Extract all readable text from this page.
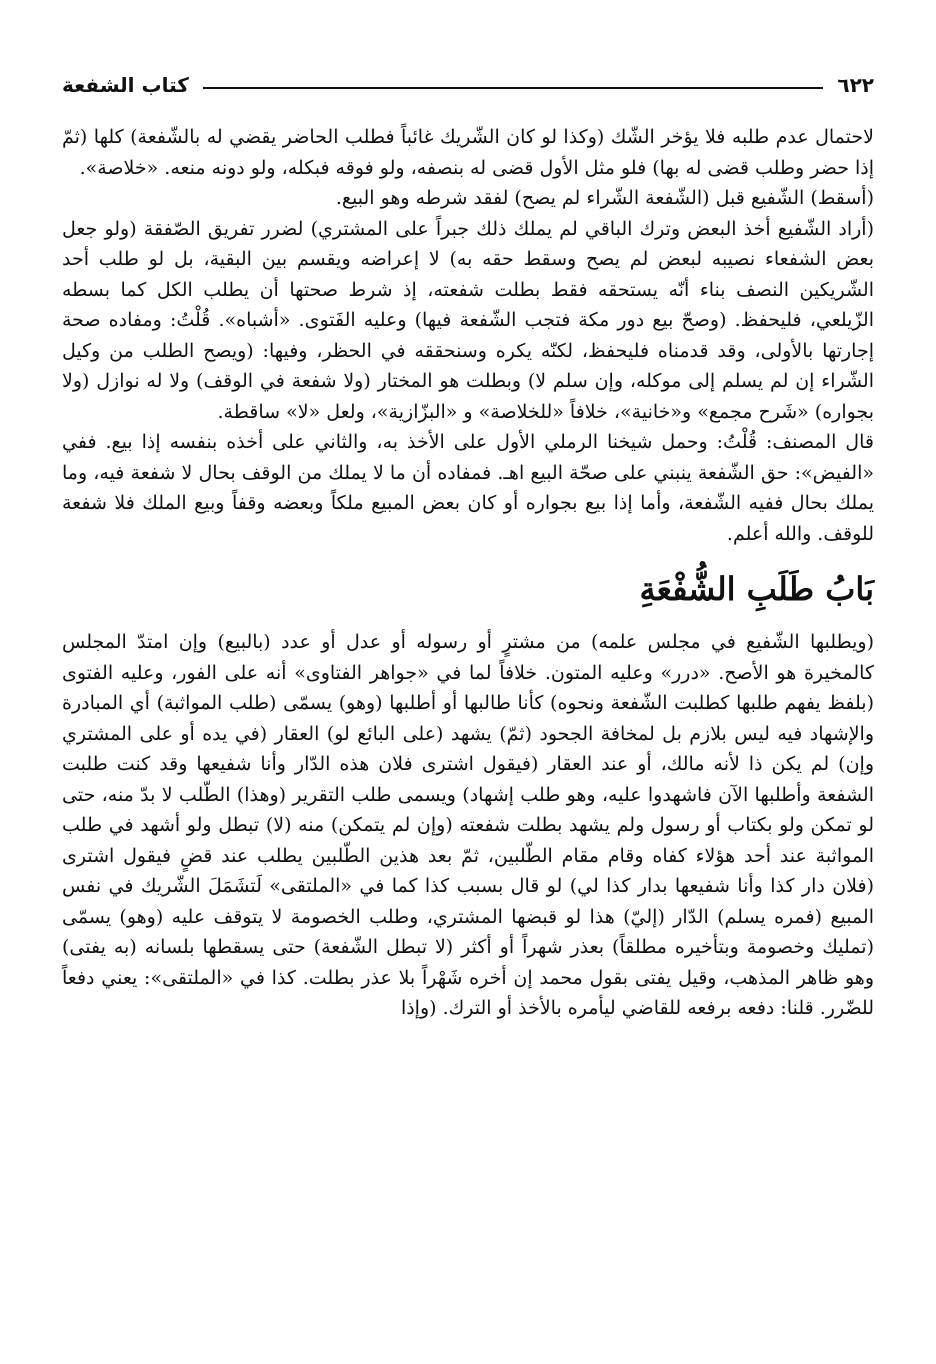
٦٢٢
كتاب الشفعة

لاحتمال عدم طلبه فلا يؤخر الشّك (وكذا لو كان الشّريك غائباً فطلب الحاضر يقضي له بالشّفعة) كلها (ثمّ إذا حضر وطلب قضى له بها) فلو مثل الأول قضى له بنصفه، ولو فوقه فبكله، ولو دونه منعه. «خلاصة».

(أسقط) الشّفيع قبل (الشّفعة الشّراء لم يصح) لفقد شرطه وهو البيع.

(أراد الشّفيع أخذ البعض وترك الباقي لم يملك ذلك جبراً على المشتري) لضرر تفريق الصّفقة (ولو جعل بعض الشفعاء نصيبه لبعض لم يصح وسقط حقه به) لا إعراضه ويقسم بين البقية، بل لو طلب أحد الشّريكين النصف بناء أنّه يستحقه فقط بطلت شفعته، إذ شرط صحتها أن يطلب الكل كما بسطه الزّيلعي، فليحفظ. (وصحّ بيع دور مكة فتجب الشّفعة فيها) وعليه الفَتوى. «أشباه». قُلْتُ: ومفاده صحة إجارتها بالأولى، وقد قدمناه فليحفظ، لكنّه يكره وسنحققه في الحظر، وفيها: (ويصح الطلب من وكيل الشّراء إن لم يسلم إلى موكله، وإن سلم لا) وبطلت هو المختار (ولا شفعة في الوقف) ولا له نوازل (ولا بجواره) «شَرح مجمع» و«خانية»، خلافاً «للخلاصة» و «البزّازية»، ولعل «لا» ساقطة.

قال المصنف: قُلْتُ: وحمل شيخنا الرملي الأول على الأخذ به، والثاني على أخذه بنفسه إذا بيع. ففي «الفيض»: حق الشّفعة ينبني على صحّة البيع اهـ. فمفاده أن ما لا يملك من الوقف بحال لا شفعة فيه، وما يملك بحال ففيه الشّفعة، وأما إذا بيع بجواره أو كان بعض المبيع ملكاً وبعضه وقفاً وبيع الملك فلا شفعة للوقف. والله أعلم.

بَابُ طَلَبِ الشُّفْعَةِ

(ويطلبها الشّفيع في مجلس علمه) من مشترٍ أو رسوله أو عدل أو عدد (بالبيع) وإن امتدّ المجلس كالمخيرة هو الأصح. «درر» وعليه المتون. خلافاً لما في «جواهر الفتاوى» أنه على الفور، وعليه الفتوى (بلفظ يفهم طلبها كطلبت الشّفعة ونحوه) كأنا طالبها أو أطلبها (وهو) يسمّى (طلب المواثبة) أي المبادرة والإشهاد فيه ليس بلازم بل لمخافة الجحود (ثمّ) يشهد (على البائع لو) العقار (في يده أو على المشتري وإن) لم يكن ذا لأنه مالك، أو عند العقار (فيقول اشترى فلان هذه الدّار وأنا شفيعها وقد كنت طلبت الشفعة وأطلبها الآن فاشهدوا عليه، وهو طلب إشهاد) ويسمى طلب التقرير (وهذا) الطّلب لا بدّ منه، حتى لو تمكن ولو بكتاب أو رسول ولم يشهد بطلت شفعته (وإن لم يتمكن) منه (لا) تبطل ولو أشهد في طلب المواثبة عند أحد هؤلاء كفاه وقام مقام الطّلبين، ثمّ بعد هذين الطّلبين يطلب عند قضٍ فيقول اشترى (فلان دار كذا وأنا شفيعها بدار كذا لي) لو قال بسبب كذا كما في «الملتقى» لَتشَمَلَ الشّريك في نفس المبيع (فمره يسلم) الدّار (إليّ) هذا لو قبضها المشتري، وطلب الخصومة لا يتوقف عليه (وهو) يسمّى (تمليك وخصومة وبتأخيره مطلقاً) بعذر شهراً أو أكثر (لا تبطل الشّفعة) حتى يسقطها بلسانه (به يفتى) وهو ظاهر المذهب، وقيل يفتى بقول محمد إن أخره شَهْراً بلا عذر بطلت. كذا في «الملتقى»: يعني دفعاً للضّرر. قلنا: دفعه برفعه للقاضي ليأمره بالأخذ أو الترك. (وإذا
